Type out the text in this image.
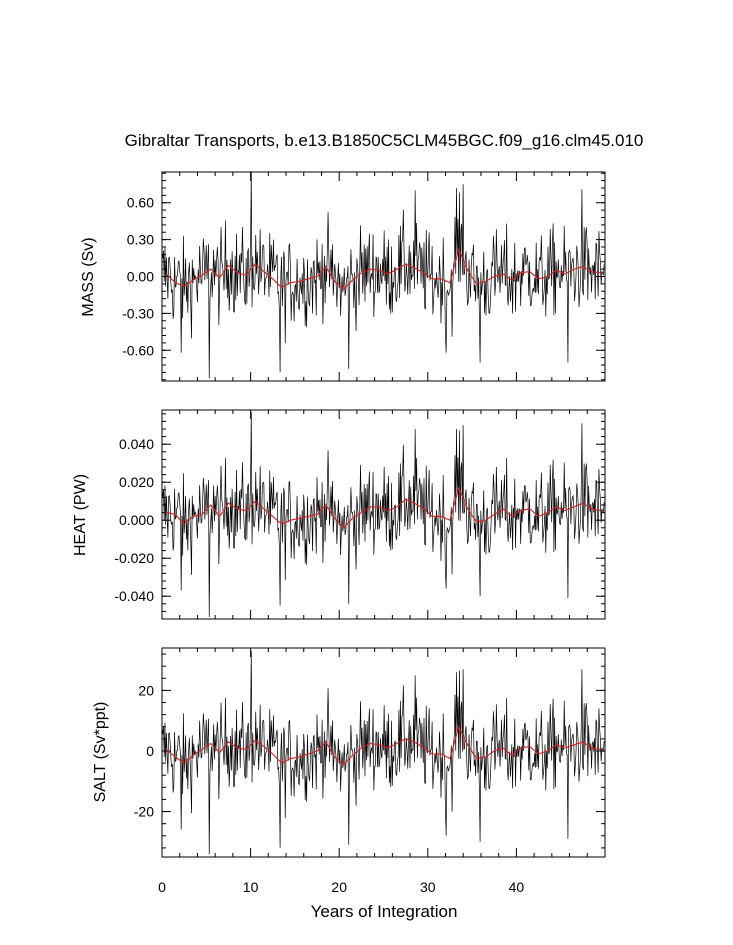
Gibraltar Transports, b.e13.B1850C5CLM45BGC.f09_g16.clm45.010
0.60
0.30
0.00
-0.30
-0.60
MASS (Sv)
0.040
0.020
0.000
-0.020
-0.040
HEAT (PW)
20
0
-20
SALT (Sv*ppt)
0	10	20	30	40
Years of Integration
